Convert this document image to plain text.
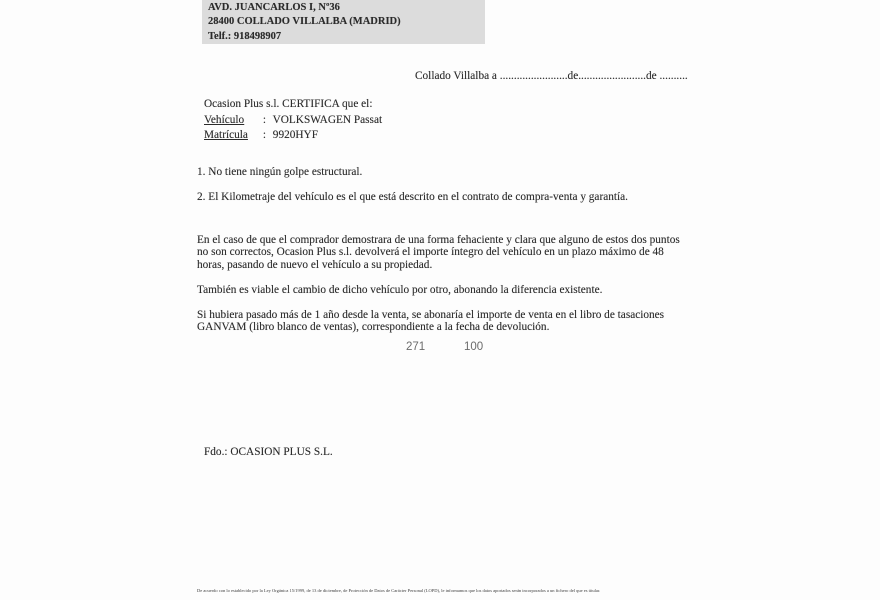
AVD. JUANCARLOS I, Nº36
28400 COLLADO VILLALBA (MADRID)
Telf.: 918498907
Collado Villalba a ........................de........................de ..........
Ocasion Plus s.l. CERTIFICA que el:
Vehículo : VOLKSWAGEN Passat
Matrícula : 9920HYF
1. No tiene ningún golpe estructural.
2. El Kilometraje del vehículo es el que está descrito en el contrato de compra-venta y garantía.
En el caso de que el comprador demostrara de una forma fehaciente y clara que alguno de estos dos puntos no son correctos, Ocasion Plus s.l. devolverá el importe íntegro del vehículo en un plazo máximo de 48 horas, pasando de nuevo el vehículo a su propiedad.
También es viable el cambio de dicho vehículo por otro, abonando la diferencia existente.
Si hubiera pasado más de 1 año desde la venta, se abonaría el importe de venta en el libro de tasaciones GANVAM (libro blanco de ventas), correspondiente a la fecha de devolución.
271	100
Fdo.: OCASION PLUS S.L.
De acuerdo con lo establecido por la Ley Orgánica 15/1999, de 13 de diciembre, de Protección de Datos de Carácter Personal (LOPD), le informamos que los datos aportados serán incorporados a un fichero del que es titular.
